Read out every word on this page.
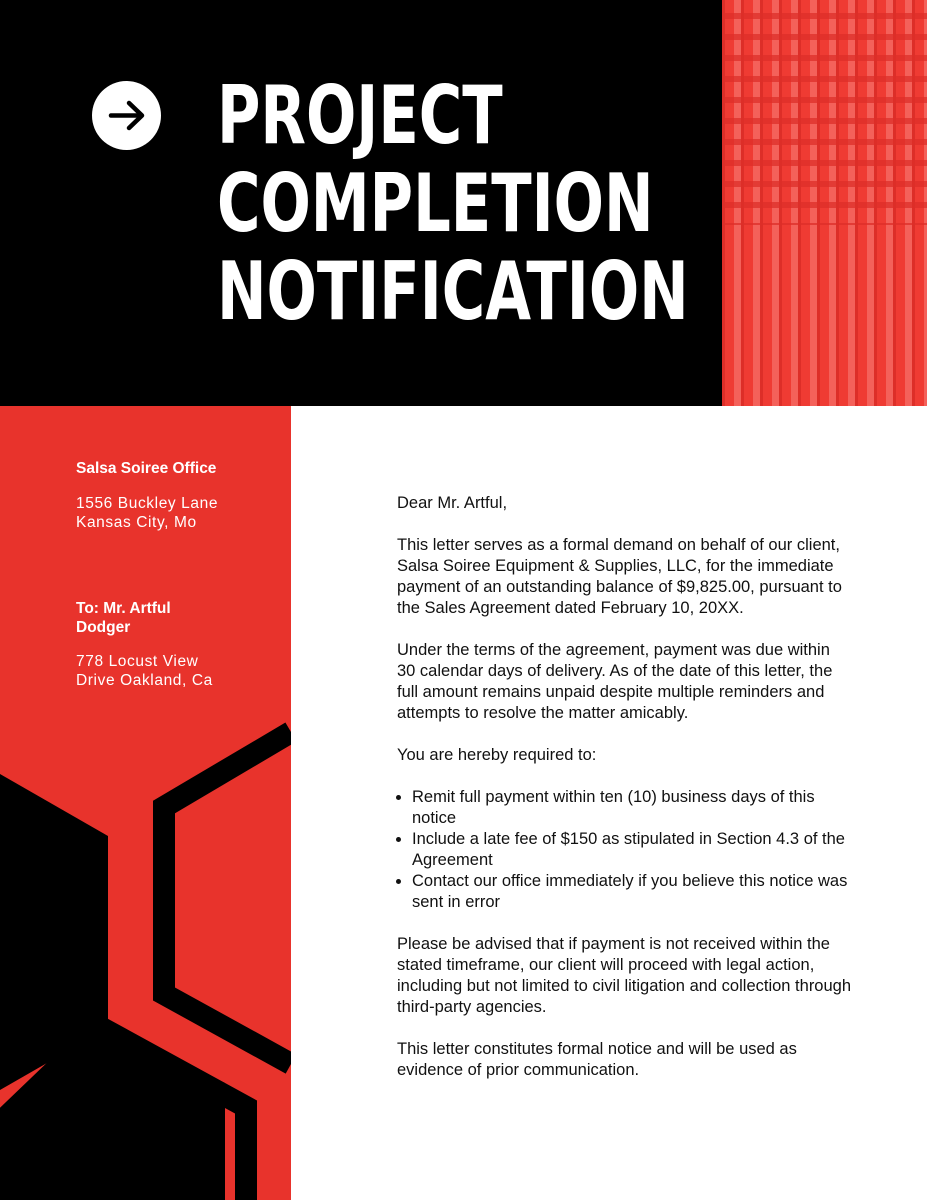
PROJECT
COMPLETION
NOTIFICATION
Salsa Soiree Office
1556 Buckley Lane
Kansas City, Mo
To: Mr. Artful
Dodger
778 Locust View
Drive Oakland, Ca

Dear Mr. Artful,

This letter serves as a formal demand on behalf of our client, Salsa Soiree Equipment & Supplies, LLC, for the immediate payment of an outstanding balance of $9,825.00, pursuant to the Sales Agreement dated February 10, 20XX.

Under the terms of the agreement, payment was due within 30 calendar days of delivery. As of the date of this letter, the full amount remains unpaid despite multiple reminders and attempts to resolve the matter amicably.

You are hereby required to:

• Remit full payment within ten (10) business days of this notice
• Include a late fee of $150 as stipulated in Section 4.3 of the Agreement
• Contact our office immediately if you believe this notice was sent in error

Please be advised that if payment is not received within the stated timeframe, our client will proceed with legal action, including but not limited to civil litigation and collection through third-party agencies.

This letter constitutes formal notice and will be used as evidence of prior communication.
